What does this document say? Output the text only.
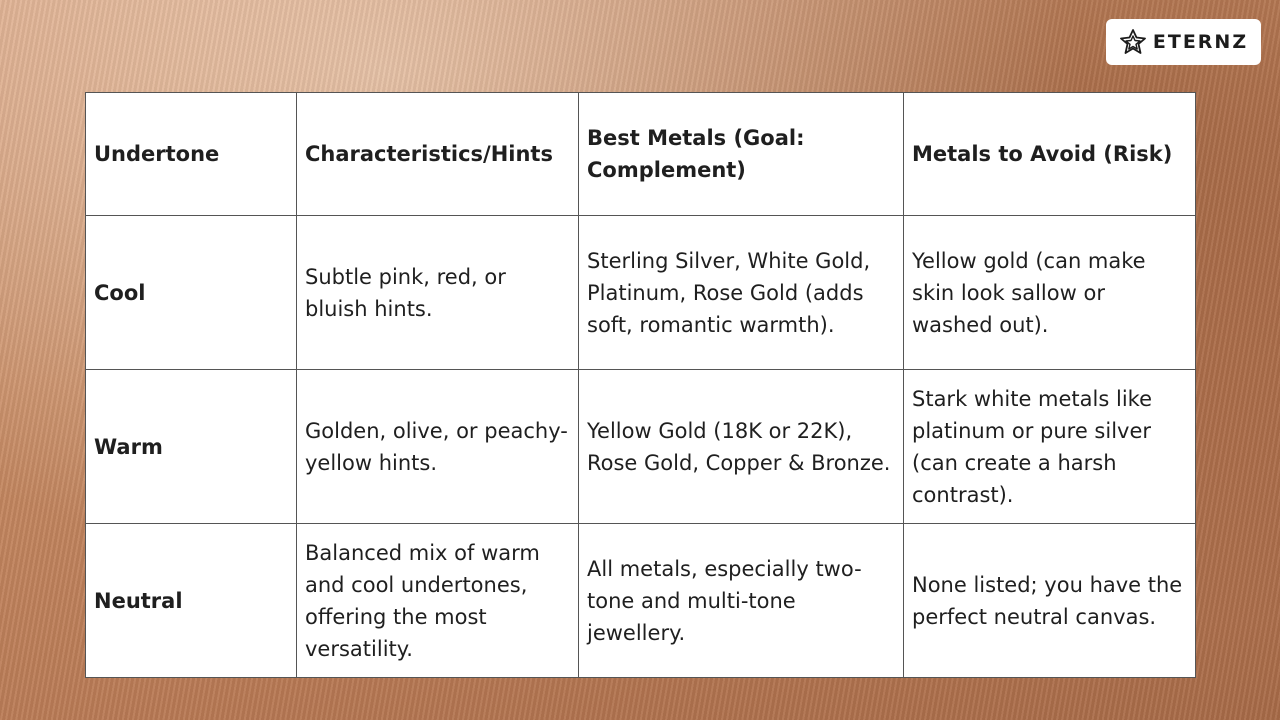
ETERNZ
Undertone	Characteristics/Hints	Best Metals (Goal: Complement)	Metals to Avoid (Risk)
Cool	Subtle pink, red, or bluish hints.	Sterling Silver, White Gold, Platinum, Rose Gold (adds soft, romantic warmth).	Yellow gold (can make skin look sallow or washed out).
Warm	Golden, olive, or peachy-yellow hints.	Yellow Gold (18K or 22K), Rose Gold, Copper & Bronze.	Stark white metals like platinum or pure silver (can create a harsh contrast).
Neutral	Balanced mix of warm and cool undertones, offering the most versatility.	All metals, especially two-tone and multi-tone jewellery.	None listed; you have the perfect neutral canvas.
